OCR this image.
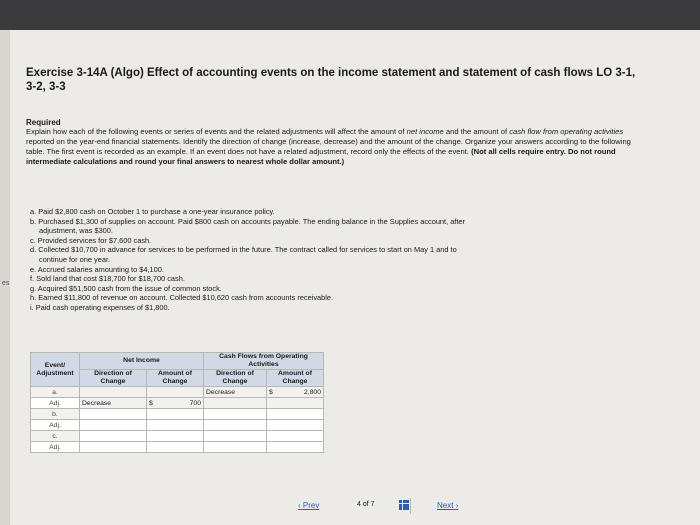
es
Exercise 3-14A (Algo) Effect of accounting events on the income statement and statement of cash flows LO 3-1, 3-2, 3-3
Required
Explain how each of the following events or series of events and the related adjustments will affect the amount of net income and the amount of cash flow from operating activities reported on the year-end financial statements. Identify the direction of change (increase, decrease) and the amount of the change. Organize your answers according to the following table. The first event is recorded as an example. If an event does not have a related adjustment, record only the effects of the event. (Not all cells require entry. Do not round intermediate calculations and round your final answers to nearest whole dollar amount.)
a. Paid $2,800 cash on October 1 to purchase a one-year insurance policy.
b. Purchased $1,300 of supplies on account. Paid $800 cash on accounts payable. The ending balance in the Supplies account, after
adjustment, was $300.
c. Provided services for $7,600 cash.
d. Collected $10,700 in advance for services to be performed in the future. The contract called for services to start on May 1 and to
continue for one year.
e. Accrued salaries amounting to $4,100.
f. Sold land that cost $18,700 for $18,700 cash.
g. Acquired $51,500 cash from the issue of common stock.
h. Earned $11,800 of revenue on account. Collected $10,620 cash from accounts receivable.
i. Paid cash operating expenses of $1,800.
Event/ Adjustment	Net Income		Cash Flows from Operating Activities	
	Direction of Change	Amount of Change	Direction of Change	Amount of Change
a.			Decrease	$ 2,800

Adj.	Decrease	$ 700		

b.		

Adj.		

c.		

Adj.		

‹ Prev	4 of 7	Next ›
